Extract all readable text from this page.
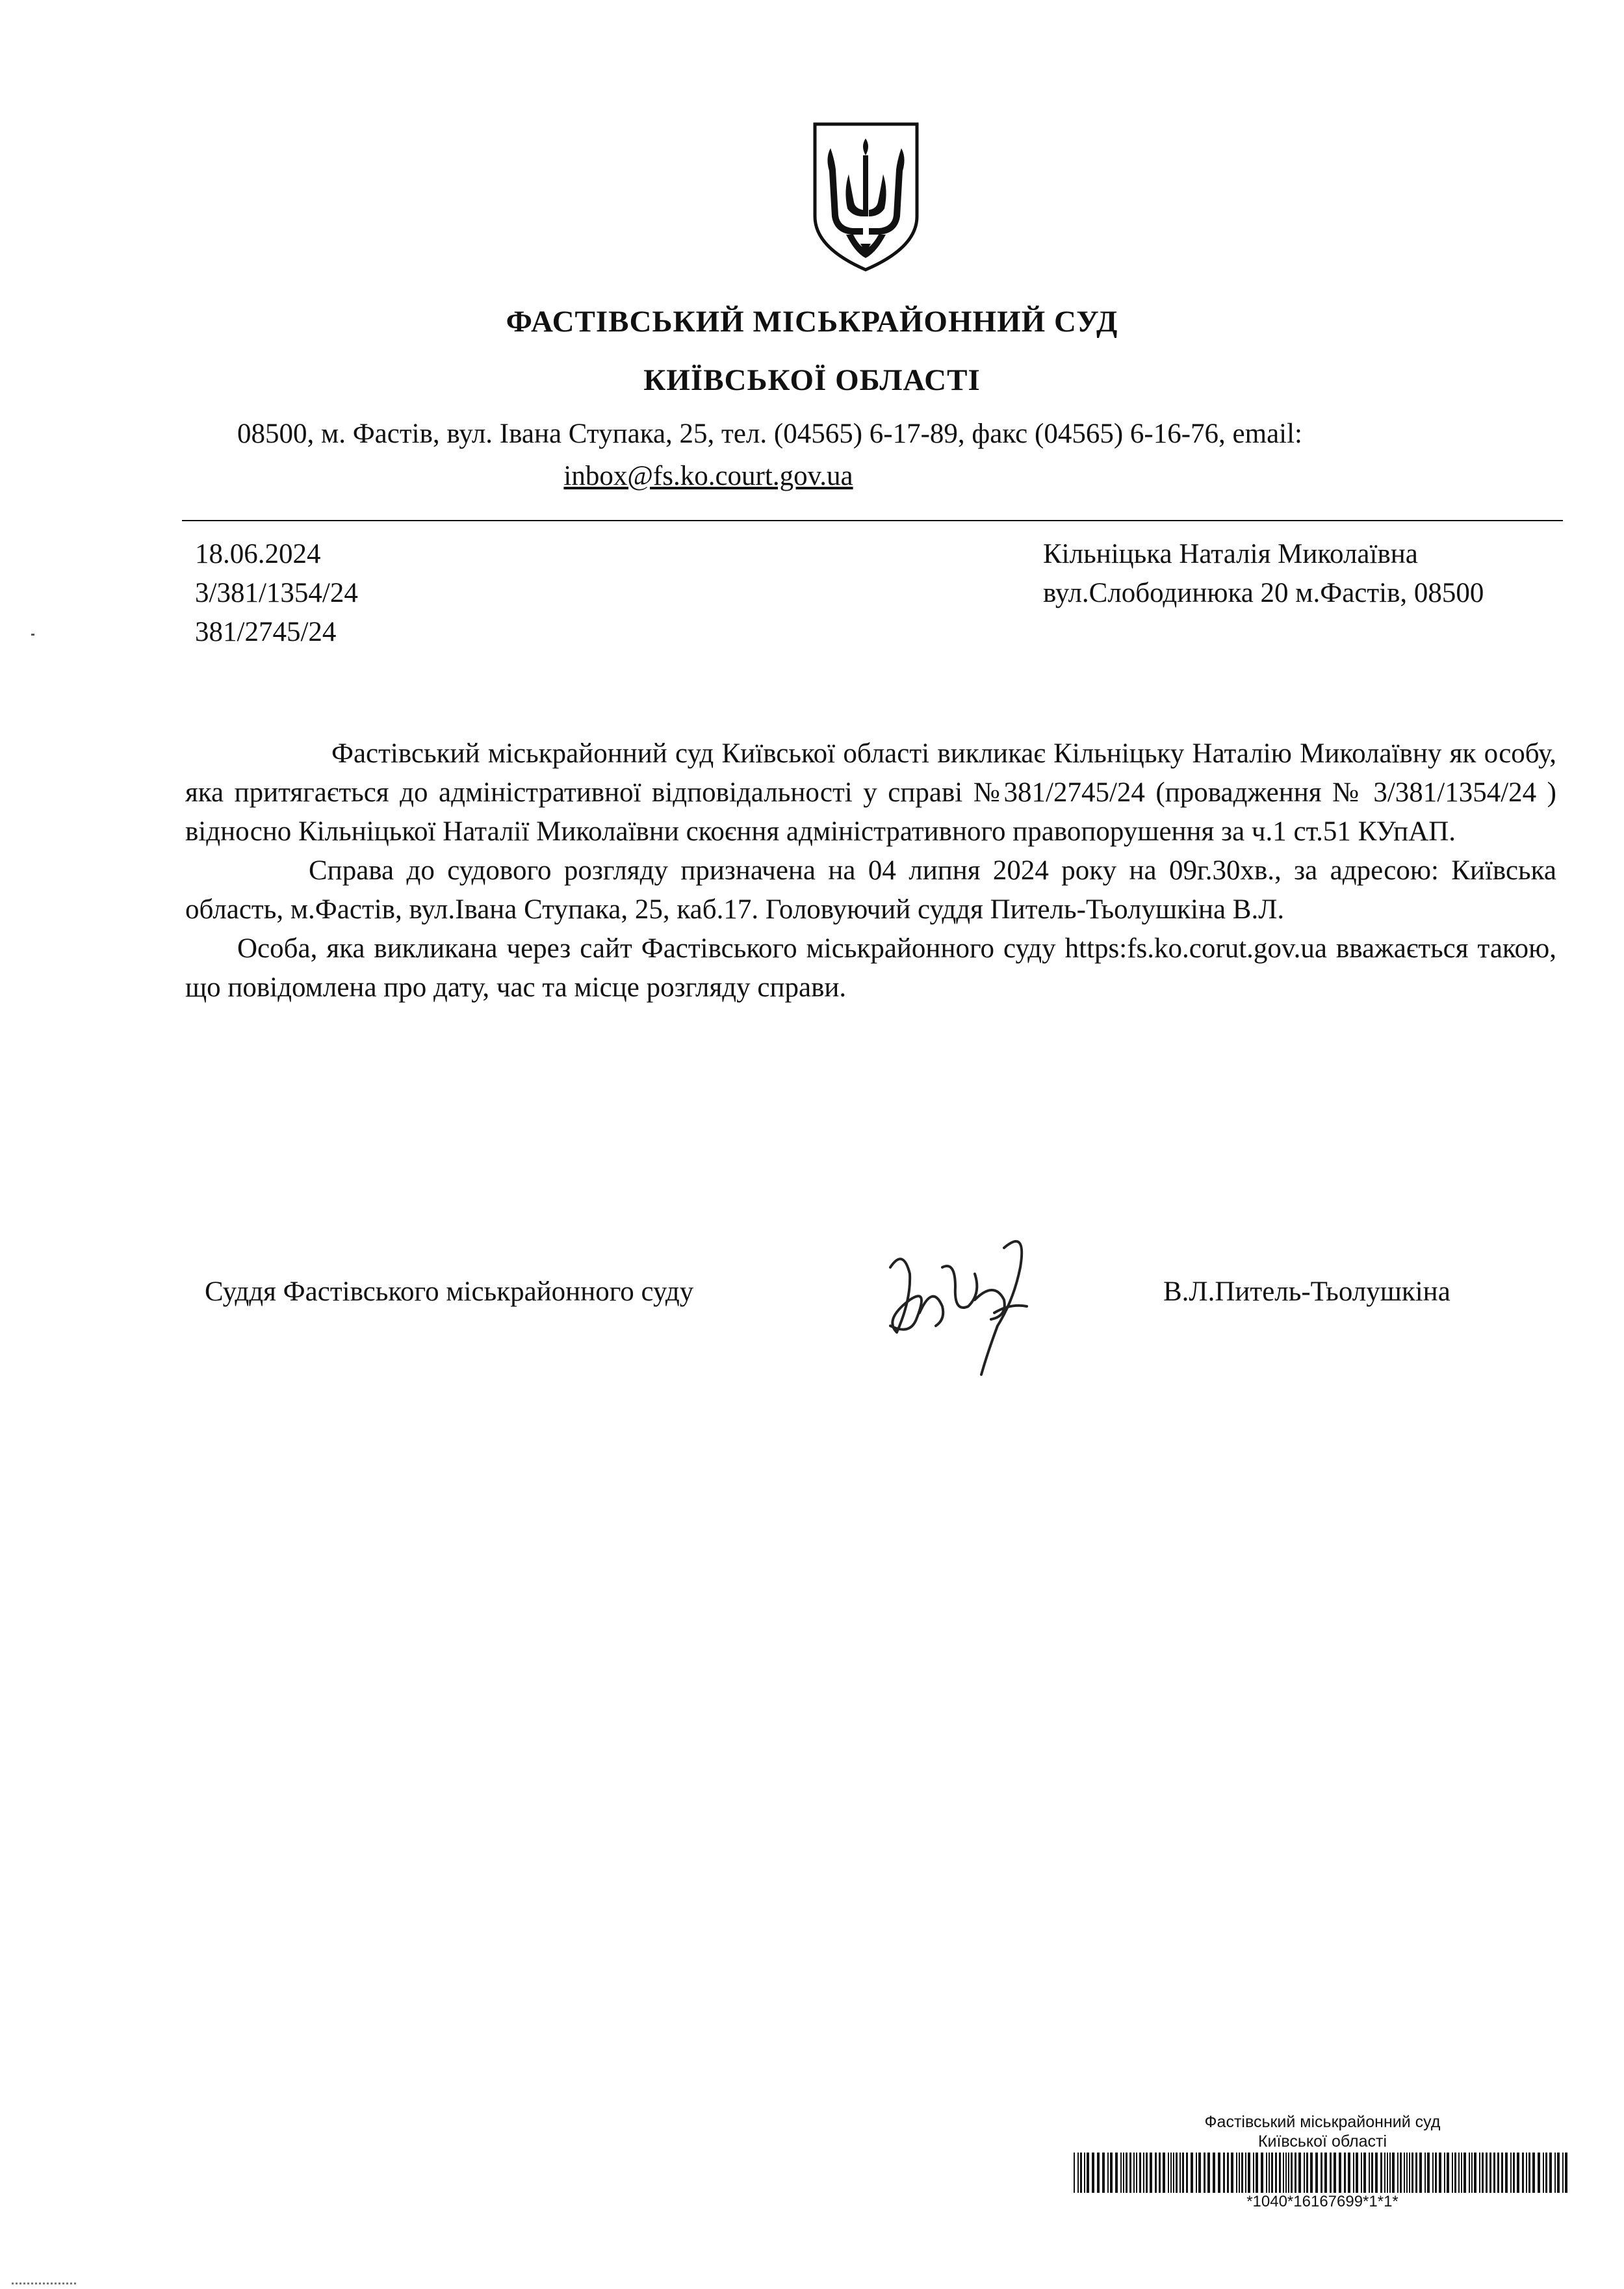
ФАСТІВСЬКИЙ МІСЬКРАЙОННИЙ СУД
КИЇВСЬКОЇ ОБЛАСТІ
08500, м. Фастів, вул. Івана Ступака, 25, тел. (04565) 6-17-89, факс (04565) 6-16-76, email:
inbox@fs.ko.court.gov.ua
18.06.2024
3/381/1354/24
381/2745/24
Кільніцька Наталія Миколаївна
вул.Слободинюка 20 м.Фастів, 08500

Фастівський міськрайонний суд Київської області викликає Кільніцьку Наталію Миколаївну як особу, яка притягається до адміністративної відповідальності у справі №381/2745/24 (провадження № 3/381/1354/24 ) відносно Кільніцької Наталії Миколаївни скоєння адміністративного правопорушення за ч.1 ст.51 КУпАП.

Справа до судового розгляду призначена на 04 липня 2024 року на 09г.30хв., за адресою: Київська область, м.Фастів, вул.Івана Ступака, 25, каб.17. Головуючий суддя Питель-Тьолушкіна В.Л.

Особа, яка викликана через сайт Фастівського міськрайонного суду https:fs.ko.corut.gov.ua вважається такою, що повідомлена про дату, час та місце розгляду справи.

Суддя Фастівського міськрайонного суду	В.Л.Питель-Тьолушкіна
Фастівський міськрайонний суд
Київської області
*1040*16167699*1*1*
